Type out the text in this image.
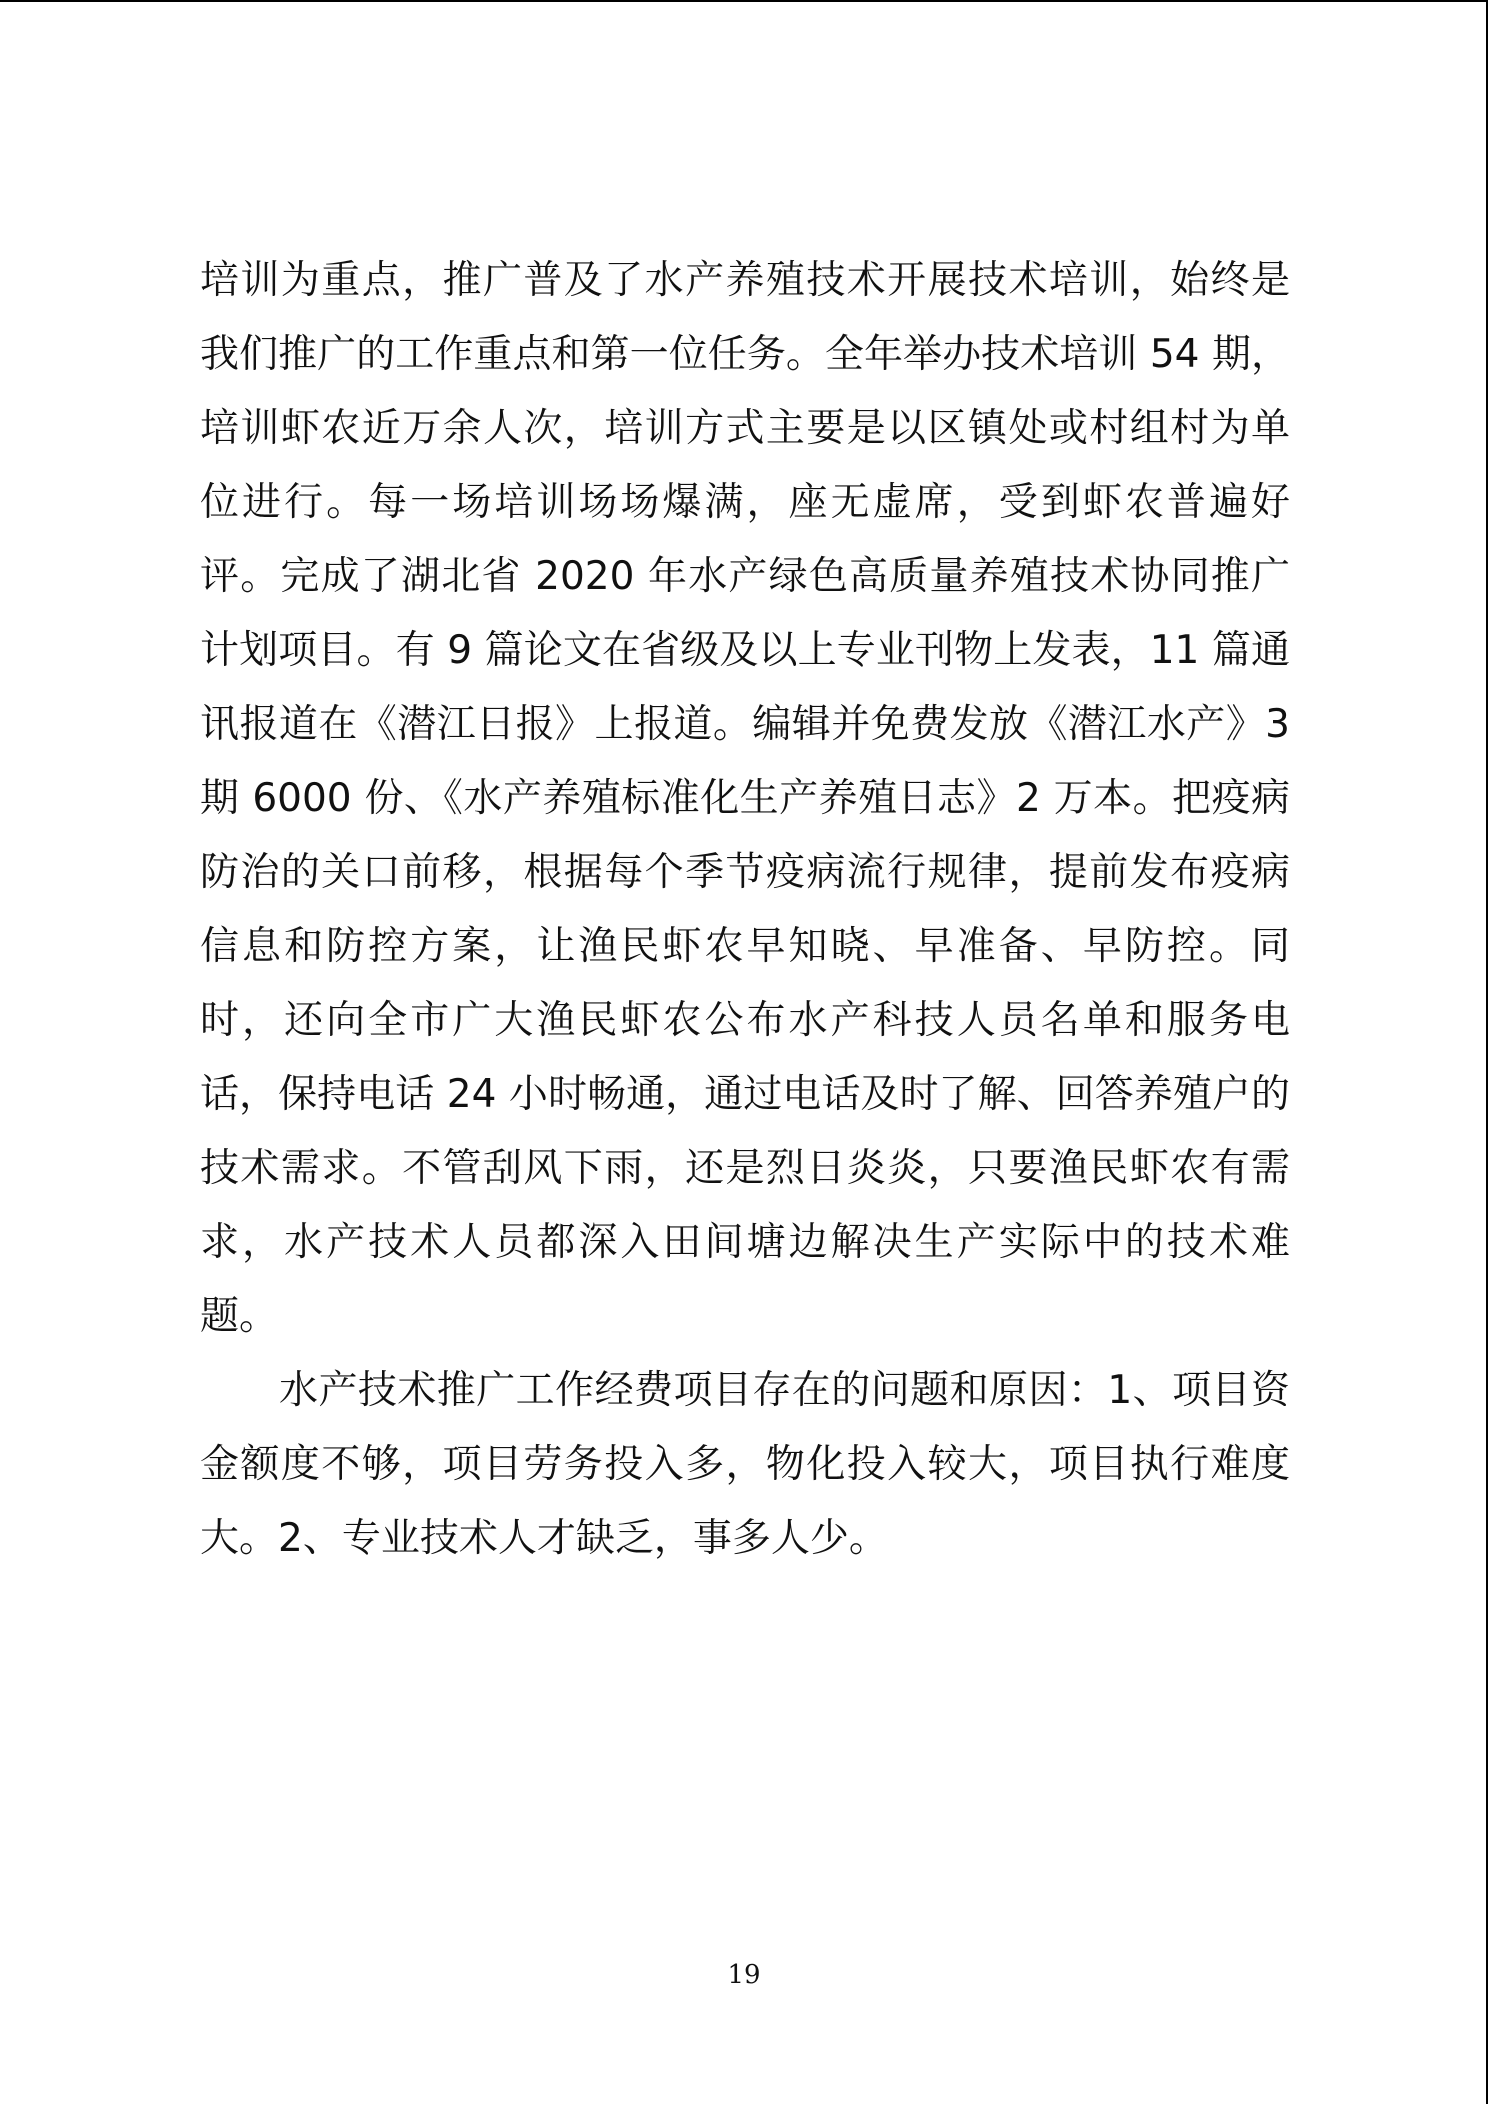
培训为重点，推广普及了水产养殖技术开展技术培训，始终是我们推广的工作重点和第一位任务。全年举办技术培训 54 期，培训虾农近万余人次，培训方式主要是以区镇处或村组村为单位进行。每一场培训场场爆满，座无虚席，受到虾农普遍好评。完成了湖北省 2020 年水产绿色高质量养殖技术协同推广计划项目。有 9 篇论文在省级及以上专业刊物上发表，11 篇通讯报道在《潜江日报》上报道。编辑并免费发放《潜江水产》3 期 6000 份、《水产养殖标准化生产养殖日志》2 万本。把疫病防治的关口前移，根据每个季节疫病流行规律，提前发布疫病信息和防控方案，让渔民虾农早知晓、早准备、早防控。同时，还向全市广大渔民虾农公布水产科技人员名单和服务电话，保持电话 24 小时畅通，通过电话及时了解、回答养殖户的技术需求。不管刮风下雨，还是烈日炎炎，只要渔民虾农有需求，水产技术人员都深入田间塘边解决生产实际中的技术难题。

水产技术推广工作经费项目存在的问题和原因：1、项目资金额度不够，项目劳务投入多，物化投入较大，项目执行难度大。2、专业技术人才缺乏，事多人少。

19
